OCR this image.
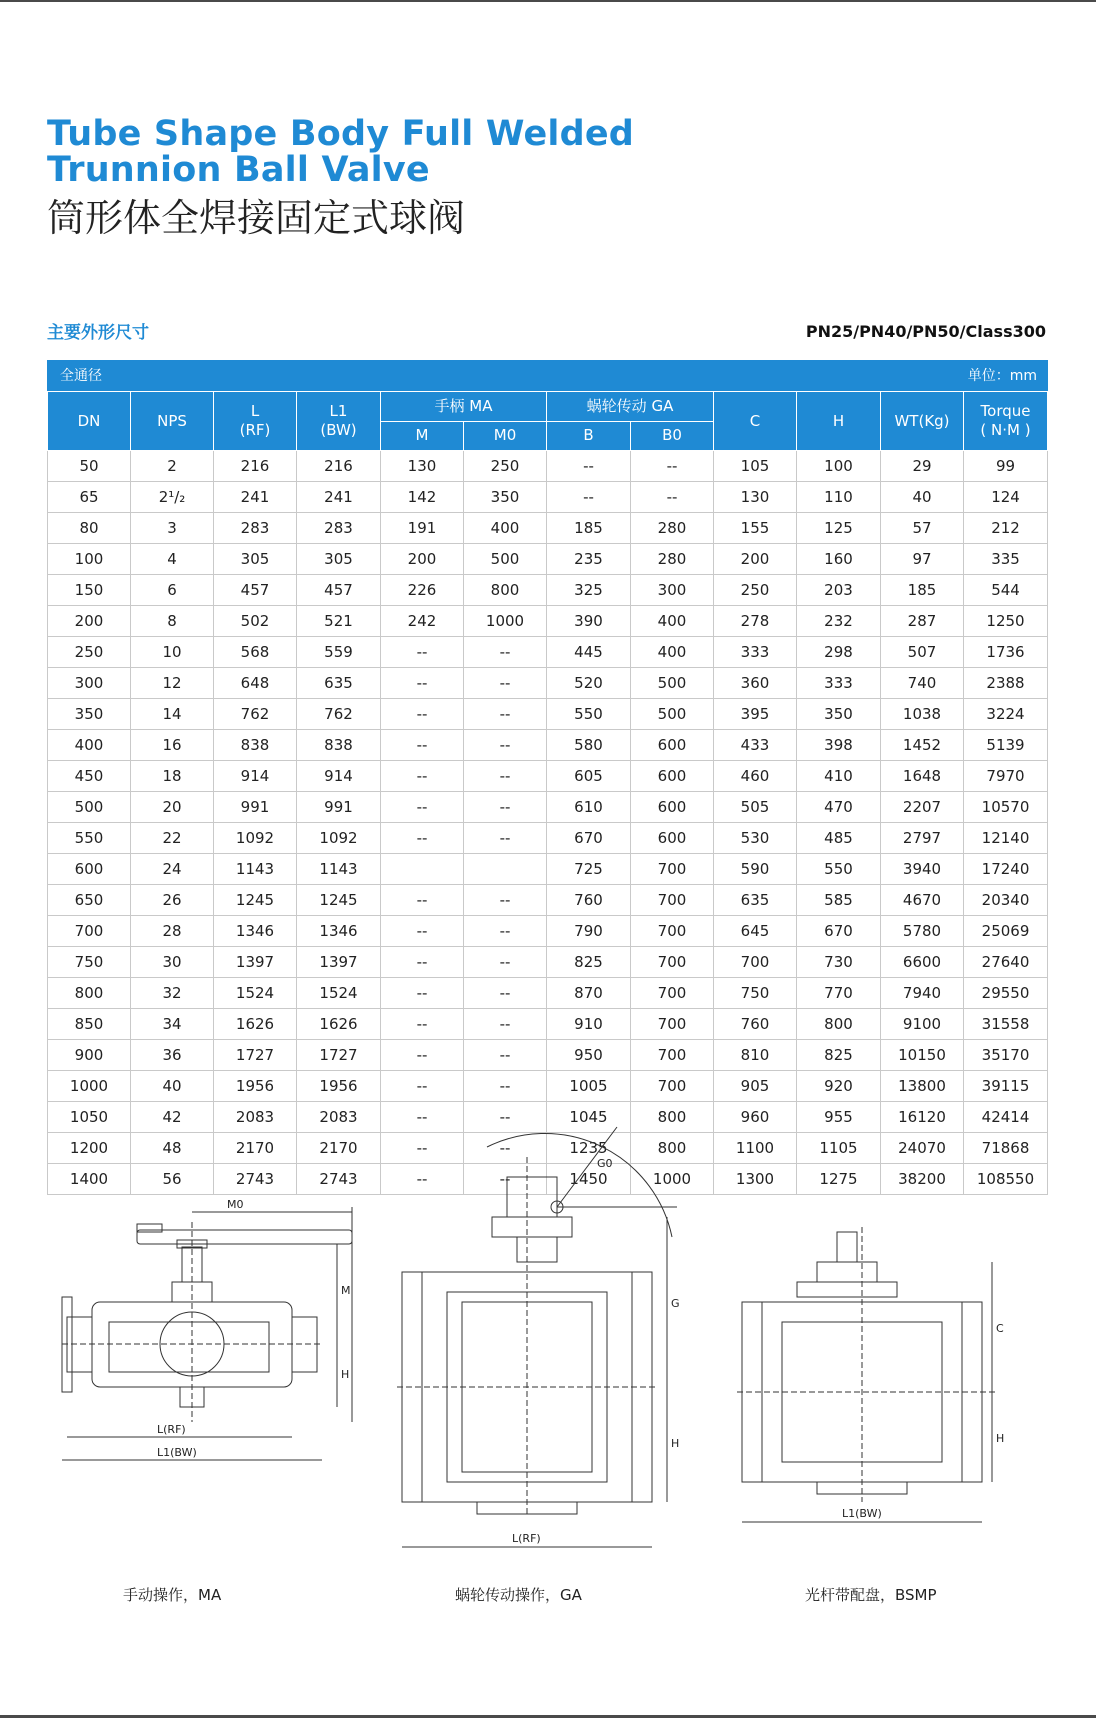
Tube Shape Body Full Welded
Trunnion Ball Valve
筒形体全焊接固定式球阀
主要外形尺寸	PN25/PN40/PN50/Class300
全通径 单位：mm											

DN	NPS	L
(RF)	L1
(BW)	手柄 MA		蜗轮传动 GA		C	H	WT(Kg)	Torque
( N·M )

				M	M0	B	B0				
50	2	216	216	130	250	--	--	105	100	29	99
65	2¹/₂	241	241	142	350	--	--	130	110	40	124
80	3	283	283	191	400	185	280	155	125	57	212
100	4	305	305	200	500	235	280	200	160	97	335
150	6	457	457	226	800	325	300	250	203	185	544
200	8	502	521	242	1000	390	400	278	232	287	1250
250	10	568	559	--	--	445	400	333	298	507	1736
300	12	648	635	--	--	520	500	360	333	740	2388
350	14	762	762	--	--	550	500	395	350	1038	3224
400	16	838	838	--	--	580	600	433	398	1452	5139
450	18	914	914	--	--	605	600	460	410	1648	7970
500	20	991	991	--	--	610	600	505	470	2207	10570
550	22	1092	1092	--	--	670	600	530	485	2797	12140
600	24	1143	1143			725	700	590	550	3940	17240
650	26	1245	1245	--	--	760	700	635	585	4670	20340
700	28	1346	1346	--	--	790	700	645	670	5780	25069
750	30	1397	1397	--	--	825	700	700	730	6600	27640
800	32	1524	1524	--	--	870	700	750	770	7940	29550
850	34	1626	1626	--	--	910	700	760	800	9100	31558
900	36	1727	1727	--	--	950	700	810	825	10150	35170
1000	40	1956	1956	--	--	1005	700	905	920	13800	39115
1050	42	2083	2083	--	--	1045	800	960	955	16120	42414
1200	48	2170	2170	--	--	1235	800	1100	1105	24070	71868
1400	56	2743	2743	--	--	1450	1000	1300	1275	38200	108550
M0
M
H
L(RF)
L1(BW)
G0
G
H
L(RF)
C
H
L1(BW)
手动操作，MA	蜗轮传动操作，GA	光杆带配盘，BSMP
